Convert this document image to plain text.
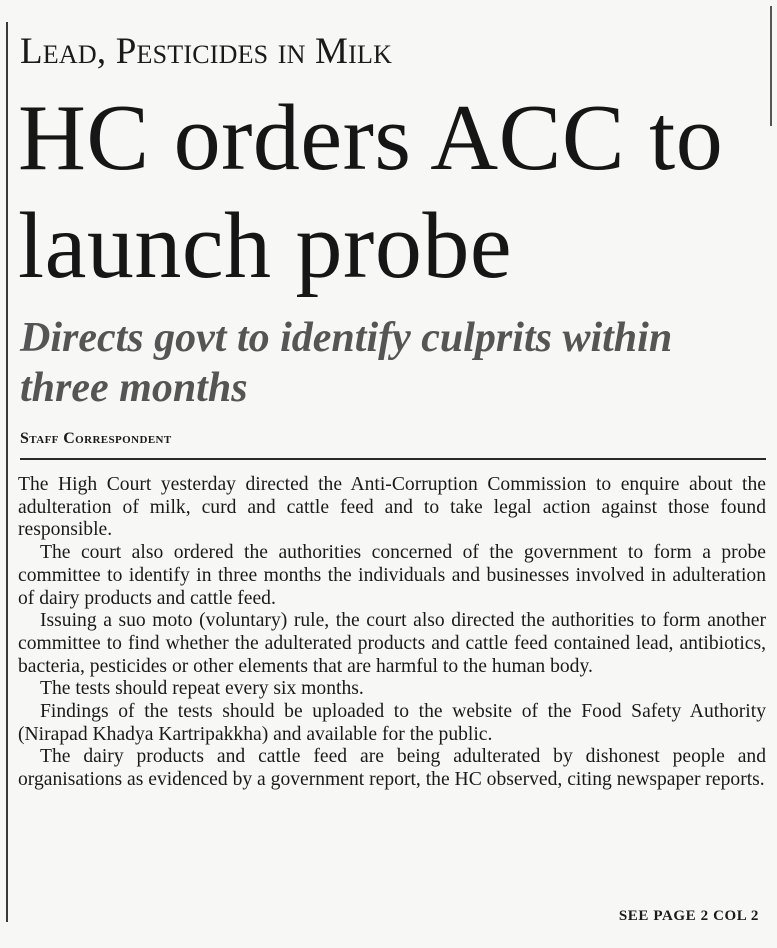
Lead, Pesticides in Milk
HC orders ACC to launch probe
Directs govt to identify culprits within three months
Staff Correspondent

The High Court yesterday directed the Anti-Corruption Commission to enquire about the adulteration of milk, curd and cattle feed and to take legal action against those found responsible.

The court also ordered the authorities concerned of the government to form a probe committee to identify in three months the individuals and businesses involved in adulteration of dairy products and cattle feed.

Issuing a suo moto (voluntary) rule, the court also directed the authorities to form another committee to find whether the adulterated products and cattle feed contained lead, antibiotics, bacteria, pesticides or other elements that are harmful to the human body.

The tests should repeat every six months.

Findings of the tests should be uploaded to the website of the Food Safety Authority (Nirapad Khadya Kartripakkha) and available for the public.

The dairy products and cattle feed are being adulterated by dishonest people and organisations as evidenced by a government report, the HC observed, citing newspaper reports.

SEE PAGE 2 COL 2
